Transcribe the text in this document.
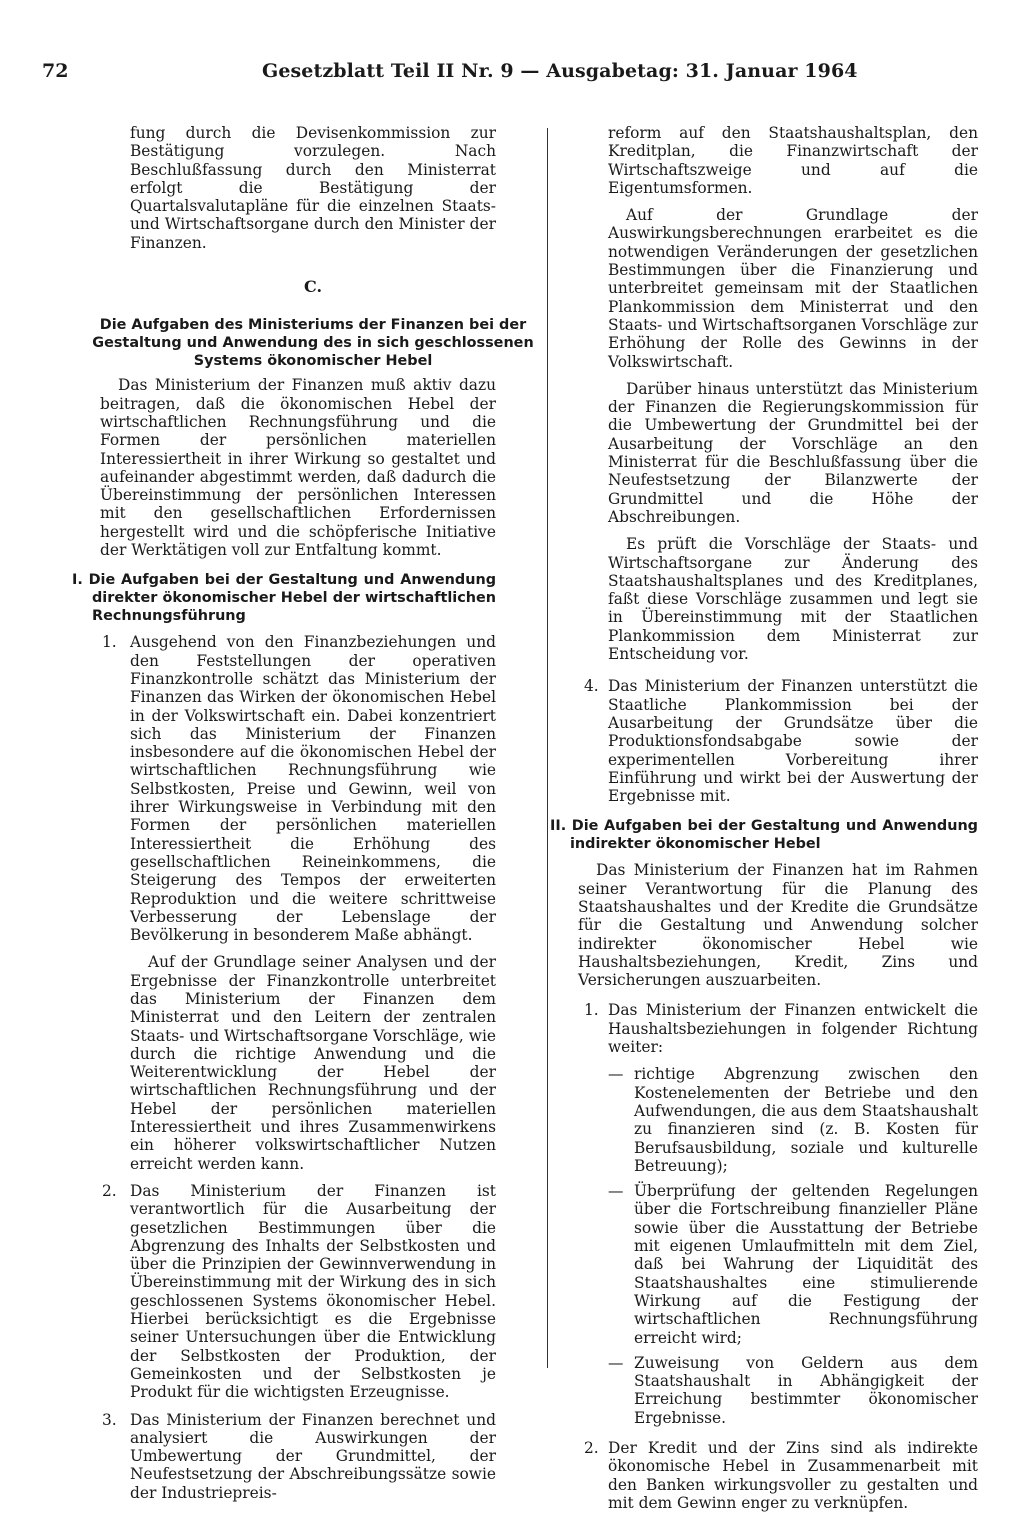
72	Gesetzblatt Teil II Nr. 9 — Ausgabetag: 31. Januar 1964

fung durch die Devisenkommission zur Bestätigung vorzulegen. Nach Beschlußfassung durch den Ministerrat erfolgt die Bestätigung der Quartalsvalutapläne für die einzelnen Staats- und Wirtschaftsorgane durch den Minister der Finanzen.

C.
Die Aufgaben des Ministeriums der Finanzen bei der Gestaltung und Anwendung des in sich geschlossenen Systems ökonomischer Hebel

Das Ministerium der Finanzen muß aktiv dazu beitragen, daß die ökonomischen Hebel der wirtschaftlichen Rechnungsführung und die Formen der persönlichen materiellen Interessiertheit in ihrer Wirkung so gestaltet und aufeinander abgestimmt werden, daß dadurch die Übereinstimmung der persönlichen Interessen mit den gesellschaftlichen Erfordernissen hergestellt wird und die schöpferische Initiative der Werktätigen voll zur Entfaltung kommt.

I. Die Aufgaben bei der Gestaltung und Anwendung direkter ökonomischer Hebel der wirtschaftlichen Rechnungsführung
1. Ausgehend von den Finanzbeziehungen und den Feststellungen der operativen Finanzkontrolle schätzt das Ministerium der Finanzen das Wirken der ökonomischen Hebel in der Volkswirtschaft ein. Dabei konzentriert sich das Ministerium der Finanzen insbesondere auf die ökonomischen Hebel der wirtschaftlichen Rechnungsführung wie Selbstkosten, Preise und Gewinn, weil von ihrer Wirkungsweise in Verbindung mit den Formen der persönlichen materiellen Interessiertheit die Erhöhung des gesellschaftlichen Reineinkommens, die Steigerung des Tempos der erweiterten Reproduktion und die weitere schrittweise Verbesserung der Lebenslage der Bevölkerung in besonderem Maße abhängt.

Auf der Grundlage seiner Analysen und der Ergebnisse der Finanzkontrolle unterbreitet das Ministerium der Finanzen dem Ministerrat und den Leitern der zentralen Staats- und Wirtschaftsorgane Vorschläge, wie durch die richtige Anwendung und die Weiterentwicklung der Hebel der wirtschaftlichen Rechnungsführung und der Hebel der persönlichen materiellen Interessiertheit und ihres Zusammenwirkens ein höherer volkswirtschaftlicher Nutzen erreicht werden kann.

2. Das Ministerium der Finanzen ist verantwortlich für die Ausarbeitung der gesetzlichen Bestimmungen über die Abgrenzung des Inhalts der Selbstkosten und über die Prinzipien der Gewinnverwendung in Übereinstimmung mit der Wirkung des in sich geschlossenen Systems ökonomischer Hebel. Hierbei berücksichtigt es die Ergebnisse seiner Untersuchungen über die Entwicklung der Selbstkosten der Produktion, der Gemeinkosten und der Selbstkosten je Produkt für die wichtigsten Erzeugnisse.

3. Das Ministerium der Finanzen berechnet und analysiert die Auswirkungen der Umbewertung der Grundmittel, der Neufestsetzung der Abschreibungssätze sowie der Industriepreis-

reform auf den Staatshaushaltsplan, den Kreditplan, die Finanzwirtschaft der Wirtschaftszweige und auf die Eigentumsformen.

Auf der Grundlage der Auswirkungsberechnungen erarbeitet es die notwendigen Veränderungen der gesetzlichen Bestimmungen über die Finanzierung und unterbreitet gemeinsam mit der Staatlichen Plankommission dem Ministerrat und den Staats- und Wirtschaftsorganen Vorschläge zur Erhöhung der Rolle des Gewinns in der Volkswirtschaft.

Darüber hinaus unterstützt das Ministerium der Finanzen die Regierungskommission für die Umbewertung der Grundmittel bei der Ausarbeitung der Vorschläge an den Ministerrat für die Beschlußfassung über die Neufestsetzung der Bilanzwerte der Grundmittel und die Höhe der Abschreibungen.

Es prüft die Vorschläge der Staats- und Wirtschaftsorgane zur Änderung des Staatshaushaltsplanes und des Kreditplanes, faßt diese Vorschläge zusammen und legt sie in Übereinstimmung mit der Staatlichen Plankommission dem Ministerrat zur Entscheidung vor.

4. Das Ministerium der Finanzen unterstützt die Staatliche Plankommission bei der Ausarbeitung der Grundsätze über die Produktionsfondsabgabe sowie der experimentellen Vorbereitung ihrer Einführung und wirkt bei der Auswertung der Ergebnisse mit.

II. Die Aufgaben bei der Gestaltung und Anwendung indirekter ökonomischer Hebel

Das Ministerium der Finanzen hat im Rahmen seiner Verantwortung für die Planung des Staatshaushaltes und der Kredite die Grundsätze für die Gestaltung und Anwendung solcher indirekter ökonomischer Hebel wie Haushaltsbeziehungen, Kredit, Zins und Versicherungen auszuarbeiten.

1. Das Ministerium der Finanzen entwickelt die Haushaltsbeziehungen in folgender Richtung weiter:

— richtige Abgrenzung zwischen den Kostenelementen der Betriebe und den Aufwendungen, die aus dem Staatshaushalt zu finanzieren sind (z. B. Kosten für Berufsausbildung, soziale und kulturelle Betreuung);
— Überprüfung der geltenden Regelungen über die Fortschreibung finanzieller Pläne sowie über die Ausstattung der Betriebe mit eigenen Umlaufmitteln mit dem Ziel, daß bei Wahrung der Liquidität des Staatshaushaltes eine stimulierende Wirkung auf die Festigung der wirtschaftlichen Rechnungsführung erreicht wird;
— Zuweisung von Geldern aus dem Staatshaushalt in Abhängigkeit der Erreichung bestimmter ökonomischer Ergebnisse.
2. Der Kredit und der Zins sind als indirekte ökonomische Hebel in Zusammenarbeit mit den Banken wirkungsvoller zu gestalten und mit dem Gewinn enger zu verknüpfen.
